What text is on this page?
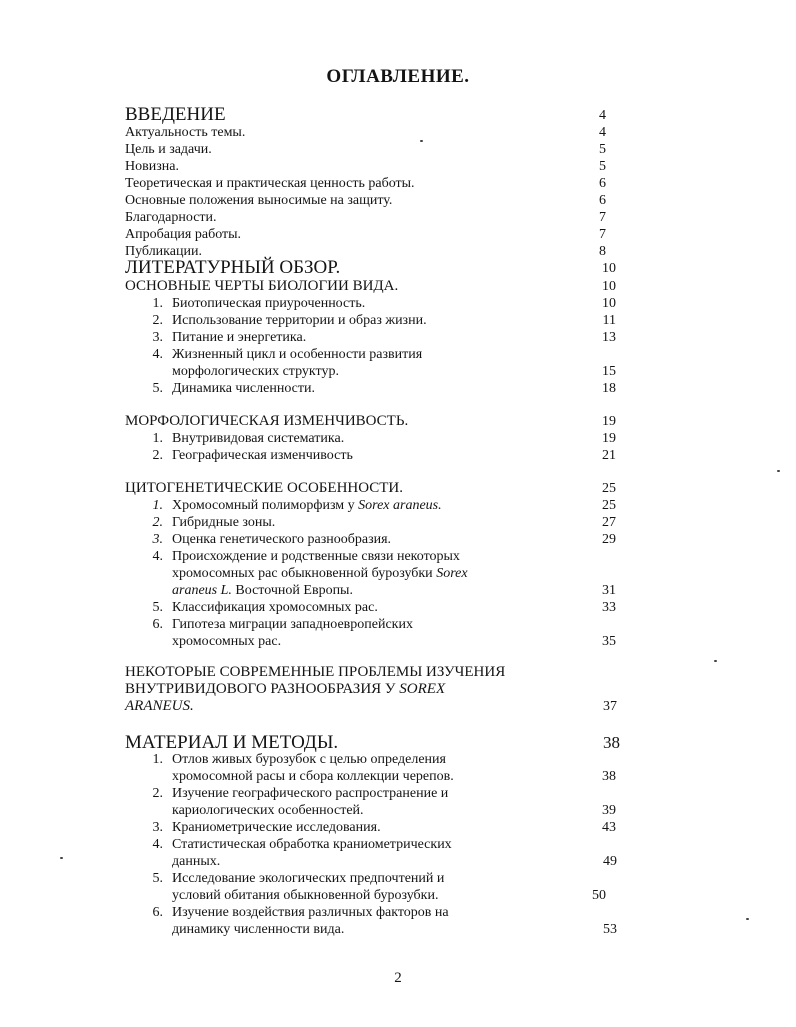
ОГЛАВЛЕНИЕ.
ВВЕДЕНИЕ	4
Актуальность темы.	4
Цель и задачи.	5
Новизна.	5
Теоретическая и практическая ценность работы.	6
Основные положения выносимые на защиту.	6
Благодарности.	7
Апробация работы.	7
Публикации.	8
ЛИТЕРАТУРНЫЙ ОБЗОР.	10
ОСНОВНЫЕ ЧЕРТЫ БИОЛОГИИ ВИДА.	10
1. Биотопическая приуроченность.	10
2. Использование территории и образ жизни.	11
3. Питание и энергетика.	13
4. Жизненный цикл и особенности развития
морфологических структур.	15
5. Динамика численности.	18
МОРФОЛОГИЧЕСКАЯ ИЗМЕНЧИВОСТЬ.	19
1. Внутривидовая систематика.	19
2. Географическая изменчивость	21
ЦИТОГЕНЕТИЧЕСКИЕ ОСОБЕННОСТИ.	25
1. Хромосомный полиморфизм у Sorex araneus.	25
2. Гибридные зоны.	27
3. Оценка генетического разнообразия.	29
4. Происхождение и родственные связи некоторых
хромосомных рас обыкновенной бурозубки Sorex
araneus L. Восточной Европы.	31
5. Классификация хромосомных рас.	33
6. Гипотеза миграции западноевропейских
хромосомных рас.	35
НЕКОТОРЫЕ СОВРЕМЕННЫЕ ПРОБЛЕМЫ ИЗУЧЕНИЯ
ВНУТРИВИДОВОГО РАЗНООБРАЗИЯ У SOREX
ARANEUS.	37
МАТЕРИАЛ И МЕТОДЫ.	38
1. Отлов живых бурозубок с целью определения
хромосомной расы и сбора коллекции черепов.	38
2. Изучение географического распространение и
кариологических особенностей.	39
3. Краниометрические исследования.	43
4. Статистическая обработка краниометрических
данных.	49
5. Исследование экологических предпочтений и
условий обитания обыкновенной бурозубки.	50
6. Изучение воздействия различных факторов на
динамику численности вида.	53
2
